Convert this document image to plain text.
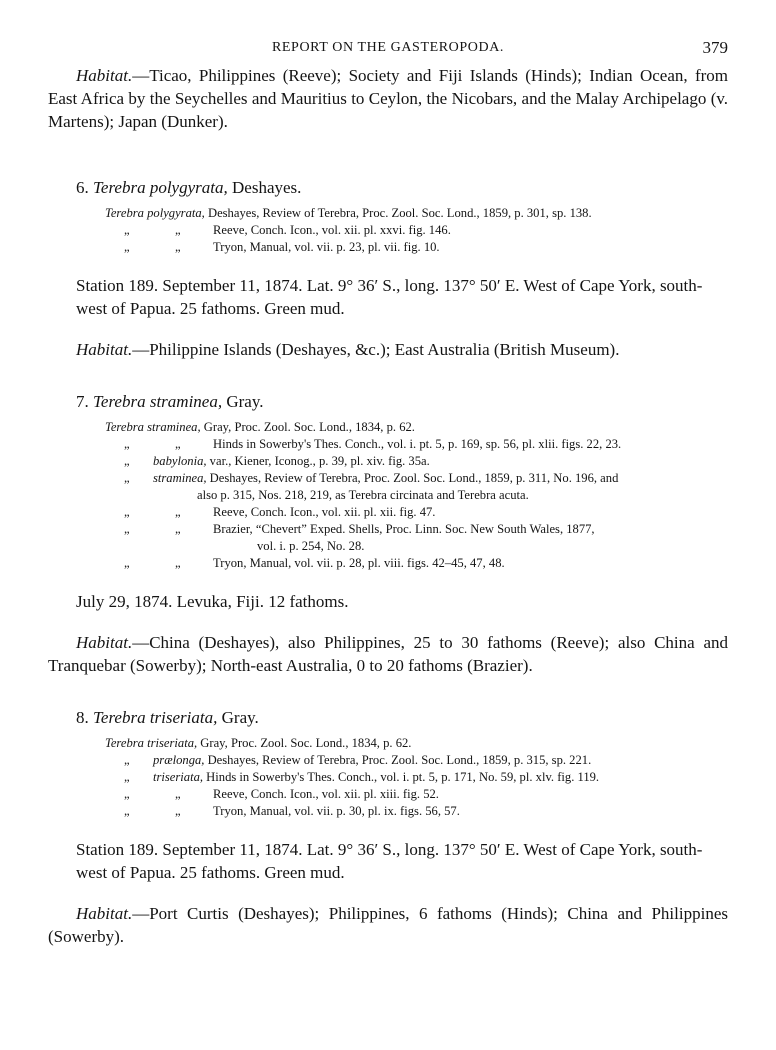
REPORT ON THE GASTEROPODA.	379

Habitat.—Ticao, Philippines (Reeve); Society and Fiji Islands (Hinds); Indian Ocean, from East Africa by the Seychelles and Mauritius to Ceylon, the Nicobars, and the Malay Archipelago (v. Martens); Japan (Dunker).

6. Terebra polygyrata, Deshayes.

Terebra polygyrata, Deshayes, Review of Terebra, Proc. Zool. Soc. Lond., 1859, p. 301, sp. 138.
„	„	Reeve, Conch. Icon., vol. xii. pl. xxvi. fig. 146.
„	„	Tryon, Manual, vol. vii. p. 23, pl. vii. fig. 10.

Station 189. September 11, 1874. Lat. 9° 36′ S., long. 137° 50′ E. West of Cape York, south-west of Papua. 25 fathoms. Green mud.

Habitat.—Philippine Islands (Deshayes, &c.); East Australia (British Museum).

7. Terebra straminea, Gray.

Terebra straminea, Gray, Proc. Zool. Soc. Lond., 1834, p. 62.
„	„	Hinds in Sowerby's Thes. Conch., vol. i. pt. 5, p. 169, sp. 56, pl. xlii. figs. 22, 23.
„ babylonia, var., Kiener, Iconog., p. 39, pl. xiv. fig. 35a.
„ straminea, Deshayes, Review of Terebra, Proc. Zool. Soc. Lond., 1859, p. 311, No. 196, and
also p. 315, Nos. 218, 219, as Terebra circinata and Terebra acuta.
„	„	Reeve, Conch. Icon., vol. xii. pl. xii. fig. 47.
„	„	Brazier, “Chevert” Exped. Shells, Proc. Linn. Soc. New South Wales, 1877,
vol. i. p. 254, No. 28.
„	„	Tryon, Manual, vol. vii. p. 28, pl. viii. figs. 42–45, 47, 48.

July 29, 1874. Levuka, Fiji. 12 fathoms.

Habitat.—China (Deshayes), also Philippines, 25 to 30 fathoms (Reeve); also China and Tranquebar (Sowerby); North-east Australia, 0 to 20 fathoms (Brazier).

8. Terebra triseriata, Gray.

Terebra triseriata, Gray, Proc. Zool. Soc. Lond., 1834, p. 62.
„ prælonga, Deshayes, Review of Terebra, Proc. Zool. Soc. Lond., 1859, p. 315, sp. 221.
„ triseriata, Hinds in Sowerby's Thes. Conch., vol. i. pt. 5, p. 171, No. 59, pl. xlv. fig. 119.
„	„	Reeve, Conch. Icon., vol. xii. pl. xiii. fig. 52.
„	„	Tryon, Manual, vol. vii. p. 30, pl. ix. figs. 56, 57.

Station 189. September 11, 1874. Lat. 9° 36′ S., long. 137° 50′ E. West of Cape York, south-west of Papua. 25 fathoms. Green mud.

Habitat.—Port Curtis (Deshayes); Philippines, 6 fathoms (Hinds); China and Philippines (Sowerby).
